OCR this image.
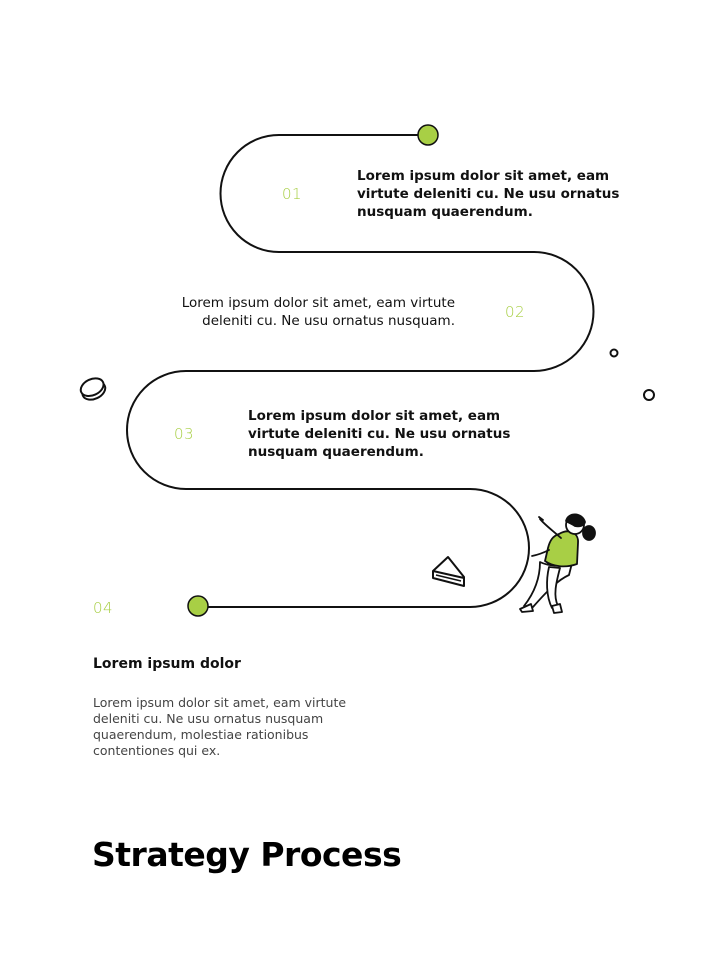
01
Lorem ipsum dolor sit amet, eam virtute deleniti cu. Ne usu ornatus nusquam quaerendum.
Lorem ipsum dolor sit amet, eam virtute deleniti cu. Ne usu ornatus nusquam.	02
03
Lorem ipsum dolor sit amet, eam virtute deleniti cu. Ne usu ornatus nusquam quaerendum.
04
Lorem ipsum dolor
Lorem ipsum dolor sit amet, eam virtute deleniti cu. Ne usu ornatus nusquam quaerendum, molestiae rationibus contentiones qui ex.
Strategy Process
